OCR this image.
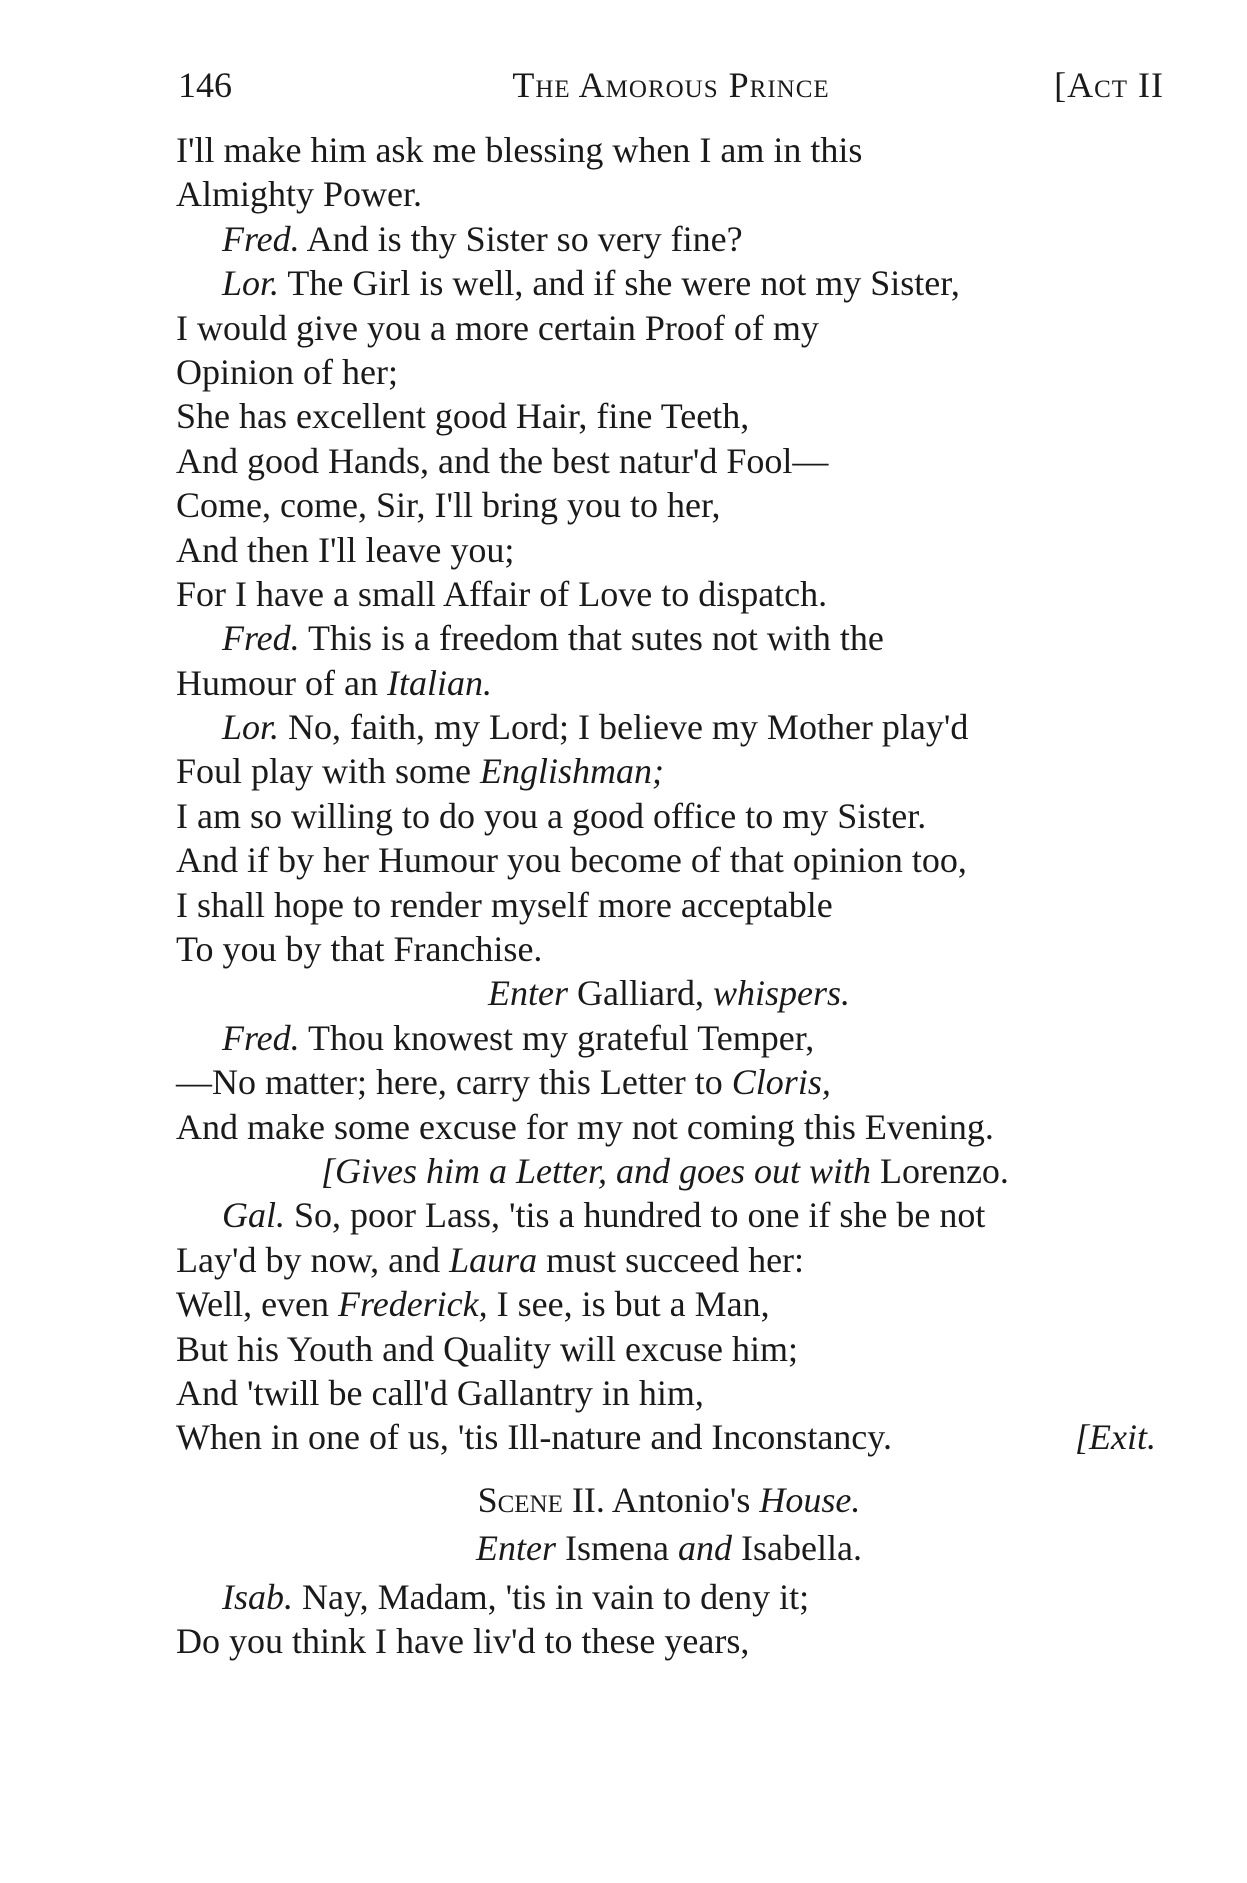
146	The Amorous Prince	[Act II
I'll make him ask me blessing when I am in this
Almighty Power.
Fred. And is thy Sister so very fine?
Lor. The Girl is well, and if she were not my Sister,
I would give you a more certain Proof of my
Opinion of her;
She has excellent good Hair, fine Teeth,
And good Hands, and the best natur'd Fool—
Come, come, Sir, I'll bring you to her,
And then I'll leave you;
For I have a small Affair of Love to dispatch.
Fred. This is a freedom that sutes not with the
Humour of an Italian.
Lor. No, faith, my Lord; I believe my Mother play'd
Foul play with some Englishman;
I am so willing to do you a good office to my Sister.
And if by her Humour you become of that opinion too,
I shall hope to render myself more acceptable
To you by that Franchise.
Enter Galliard, whispers.
Fred. Thou knowest my grateful Temper,
—No matter; here, carry this Letter to Cloris,
And make some excuse for my not coming this Evening.
[Gives him a Letter, and goes out with Lorenzo.
Gal. So, poor Lass, 'tis a hundred to one if she be not
Lay'd by now, and Laura must succeed her:
Well, even Frederick, I see, is but a Man,
But his Youth and Quality will excuse him;
And 'twill be call'd Gallantry in him,
When in one of us, 'tis Ill-nature and Inconstancy.	[Exit.
Scene II. Antonio's House.
Enter Ismena and Isabella.
Isab. Nay, Madam, 'tis in vain to deny it;
Do you think I have liv'd to these years,
